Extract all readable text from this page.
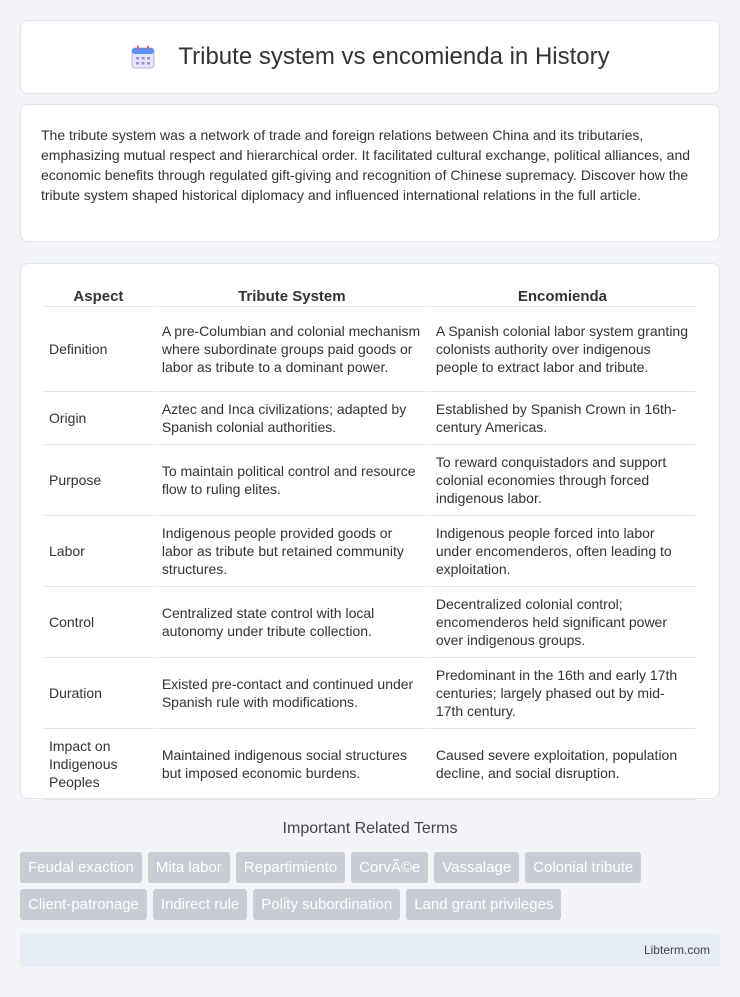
Tribute system vs encomienda in History

The tribute system was a network of trade and foreign relations between China and its tributaries, emphasizing mutual respect and hierarchical order. It facilitated cultural exchange, political alliances, and economic benefits through regulated gift-giving and recognition of Chinese supremacy. Discover how the tribute system shaped historical diplomacy and influenced international relations in the full article.

Aspect	Tribute System	Encomienda
Definition	A pre-Columbian and colonial mechanism where subordinate groups paid goods or labor as tribute to a dominant power.	A Spanish colonial labor system granting colonists authority over indigenous people to extract labor and tribute.
Origin	Aztec and Inca civilizations; adapted by Spanish colonial authorities.	Established by Spanish Crown in 16th-century Americas.
Purpose	To maintain political control and resource flow to ruling elites.	To reward conquistadors and support colonial economies through forced indigenous labor.
Labor	Indigenous people provided goods or labor as tribute but retained community structures.	Indigenous people forced into labor under encomenderos, often leading to exploitation.
Control	Centralized state control with local autonomy under tribute collection.	Decentralized colonial control; encomenderos held significant power over indigenous groups.
Duration	Existed pre-contact and continued under Spanish rule with modifications.	Predominant in the 16th and early 17th centuries; largely phased out by mid-17th century.
Impact on Indigenous Peoples	Maintained indigenous social structures but imposed economic burdens.	Caused severe exploitation, population decline, and social disruption.
Important Related Terms
Feudal exaction	Mita labor	Repartimiento	CorvÃ©e	Vassalage	Colonial tribute
Client-patronage	Indirect rule	Polity subordination	Land grant privileges
Libterm.com
